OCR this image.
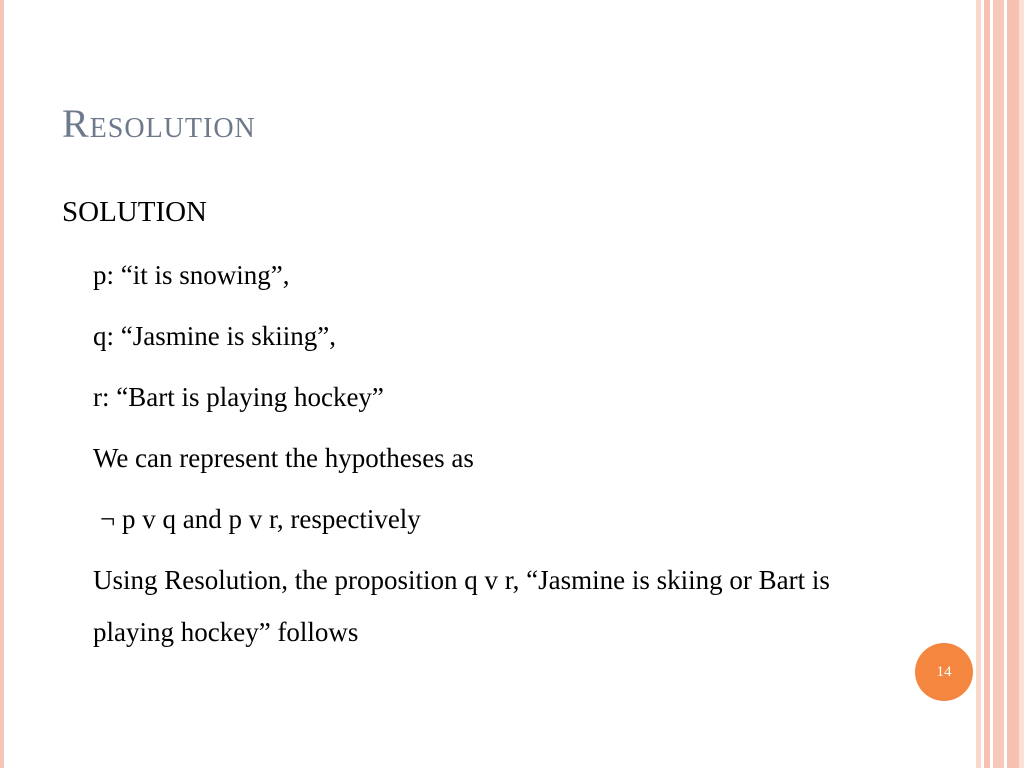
Resolution

SOLUTION

p: “it is snowing”,

q: “Jasmine is skiing”,

r: “Bart is playing hockey”

We can represent the hypotheses as

¬ p v q and p v r, respectively

Using Resolution, the proposition q v r, “Jasmine is skiing or Bart is playing hockey” follows

14
